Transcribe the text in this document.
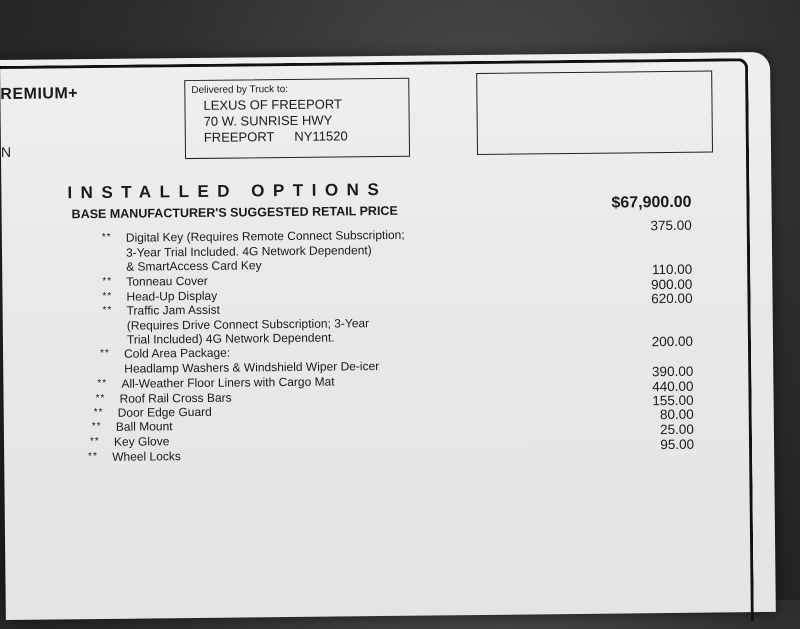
REMIUM+
N
Delivered by Truck to:
LEXUS OF FREEPORT
70 W. SUNRISE HWY
FREEPORT NY11520
INSTALLED OPTIONS
BASE MANUFACTURER'S SUGGESTED RETAIL PRICE
$67,900.00
** Digital Key (Requires Remote Connect Subscription;
3-Year Trial Included. 4G Network Dependent)
& SmartAccess Card Key
375.00
** Tonneau Cover
110.00
** Head-Up Display
900.00
** Traffic Jam Assist
(Requires Drive Connect Subscription; 3-Year
Trial Included) 4G Network Dependent.
620.00
** Cold Area Package:
Headlamp Washers & Windshield Wiper De-icer
200.00
** All-Weather Floor Liners with Cargo Mat
390.00
** Roof Rail Cross Bars
440.00
** Door Edge Guard
155.00
** Ball Mount
80.00
** Key Glove
25.00
** Wheel Locks
95.00
